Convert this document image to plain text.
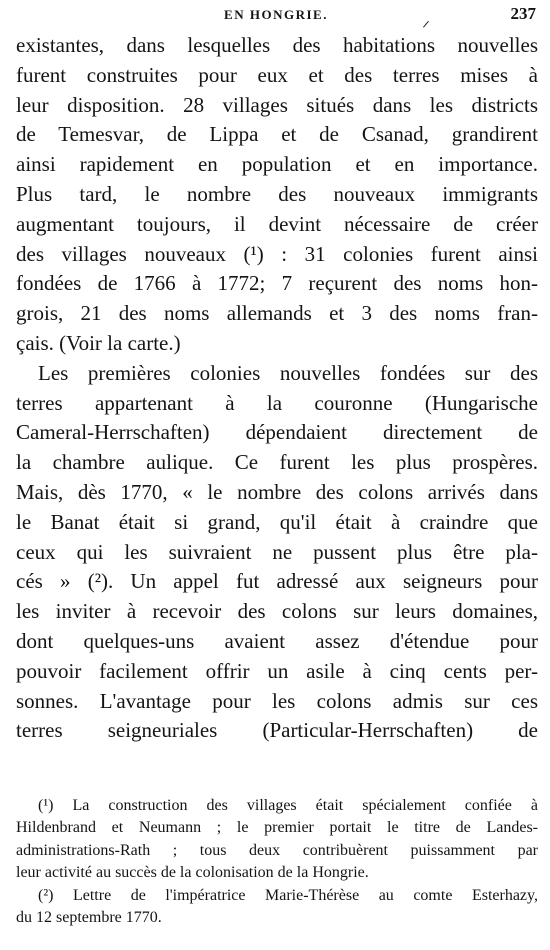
EN HONGRIE.	237
existantes, dans lesquelles des habitations nouvelles
furent construites pour eux et des terres mises à
leur disposition. 28 villages situés dans les districts
de Temesvar, de Lippa et de Csanad, grandirent
ainsi rapidement en population et en importance.
Plus tard, le nombre des nouveaux immigrants
augmentant toujours, il devint nécessaire de créer
des villages nouveaux (¹) : 31 colonies furent ainsi
fondées de 1766 à 1772; 7 reçurent des noms hon-
grois, 21 des noms allemands et 3 des noms fran-
çais. (Voir la carte.)
Les premières colonies nouvelles fondées sur des
terres appartenant à la couronne (Hungarische
Cameral-Herrschaften) dépendaient directement de
la chambre aulique. Ce furent les plus prospères.
Mais, dès 1770, « le nombre des colons arrivés dans
le Banat était si grand, qu'il était à craindre que
ceux qui les suivraient ne pussent plus être pla-
cés » (²). Un appel fut adressé aux seigneurs pour
les inviter à recevoir des colons sur leurs domaines,
dont quelques-uns avaient assez d'étendue pour
pouvoir facilement offrir un asile à cinq cents per-
sonnes. L'avantage pour les colons admis sur ces
terres seigneuriales (Particular-Herrschaften) de
(¹) La construction des villages était spécialement confiée à
Hildenbrand et Neumann ; le premier portait le titre de Landes-
administrations-Rath ; tous deux contribuèrent puissamment par
leur activité au succès de la colonisation de la Hongrie.
(²) Lettre de l'impératrice Marie-Thérèse au comte Esterhazy,
du 12 septembre 1770.
